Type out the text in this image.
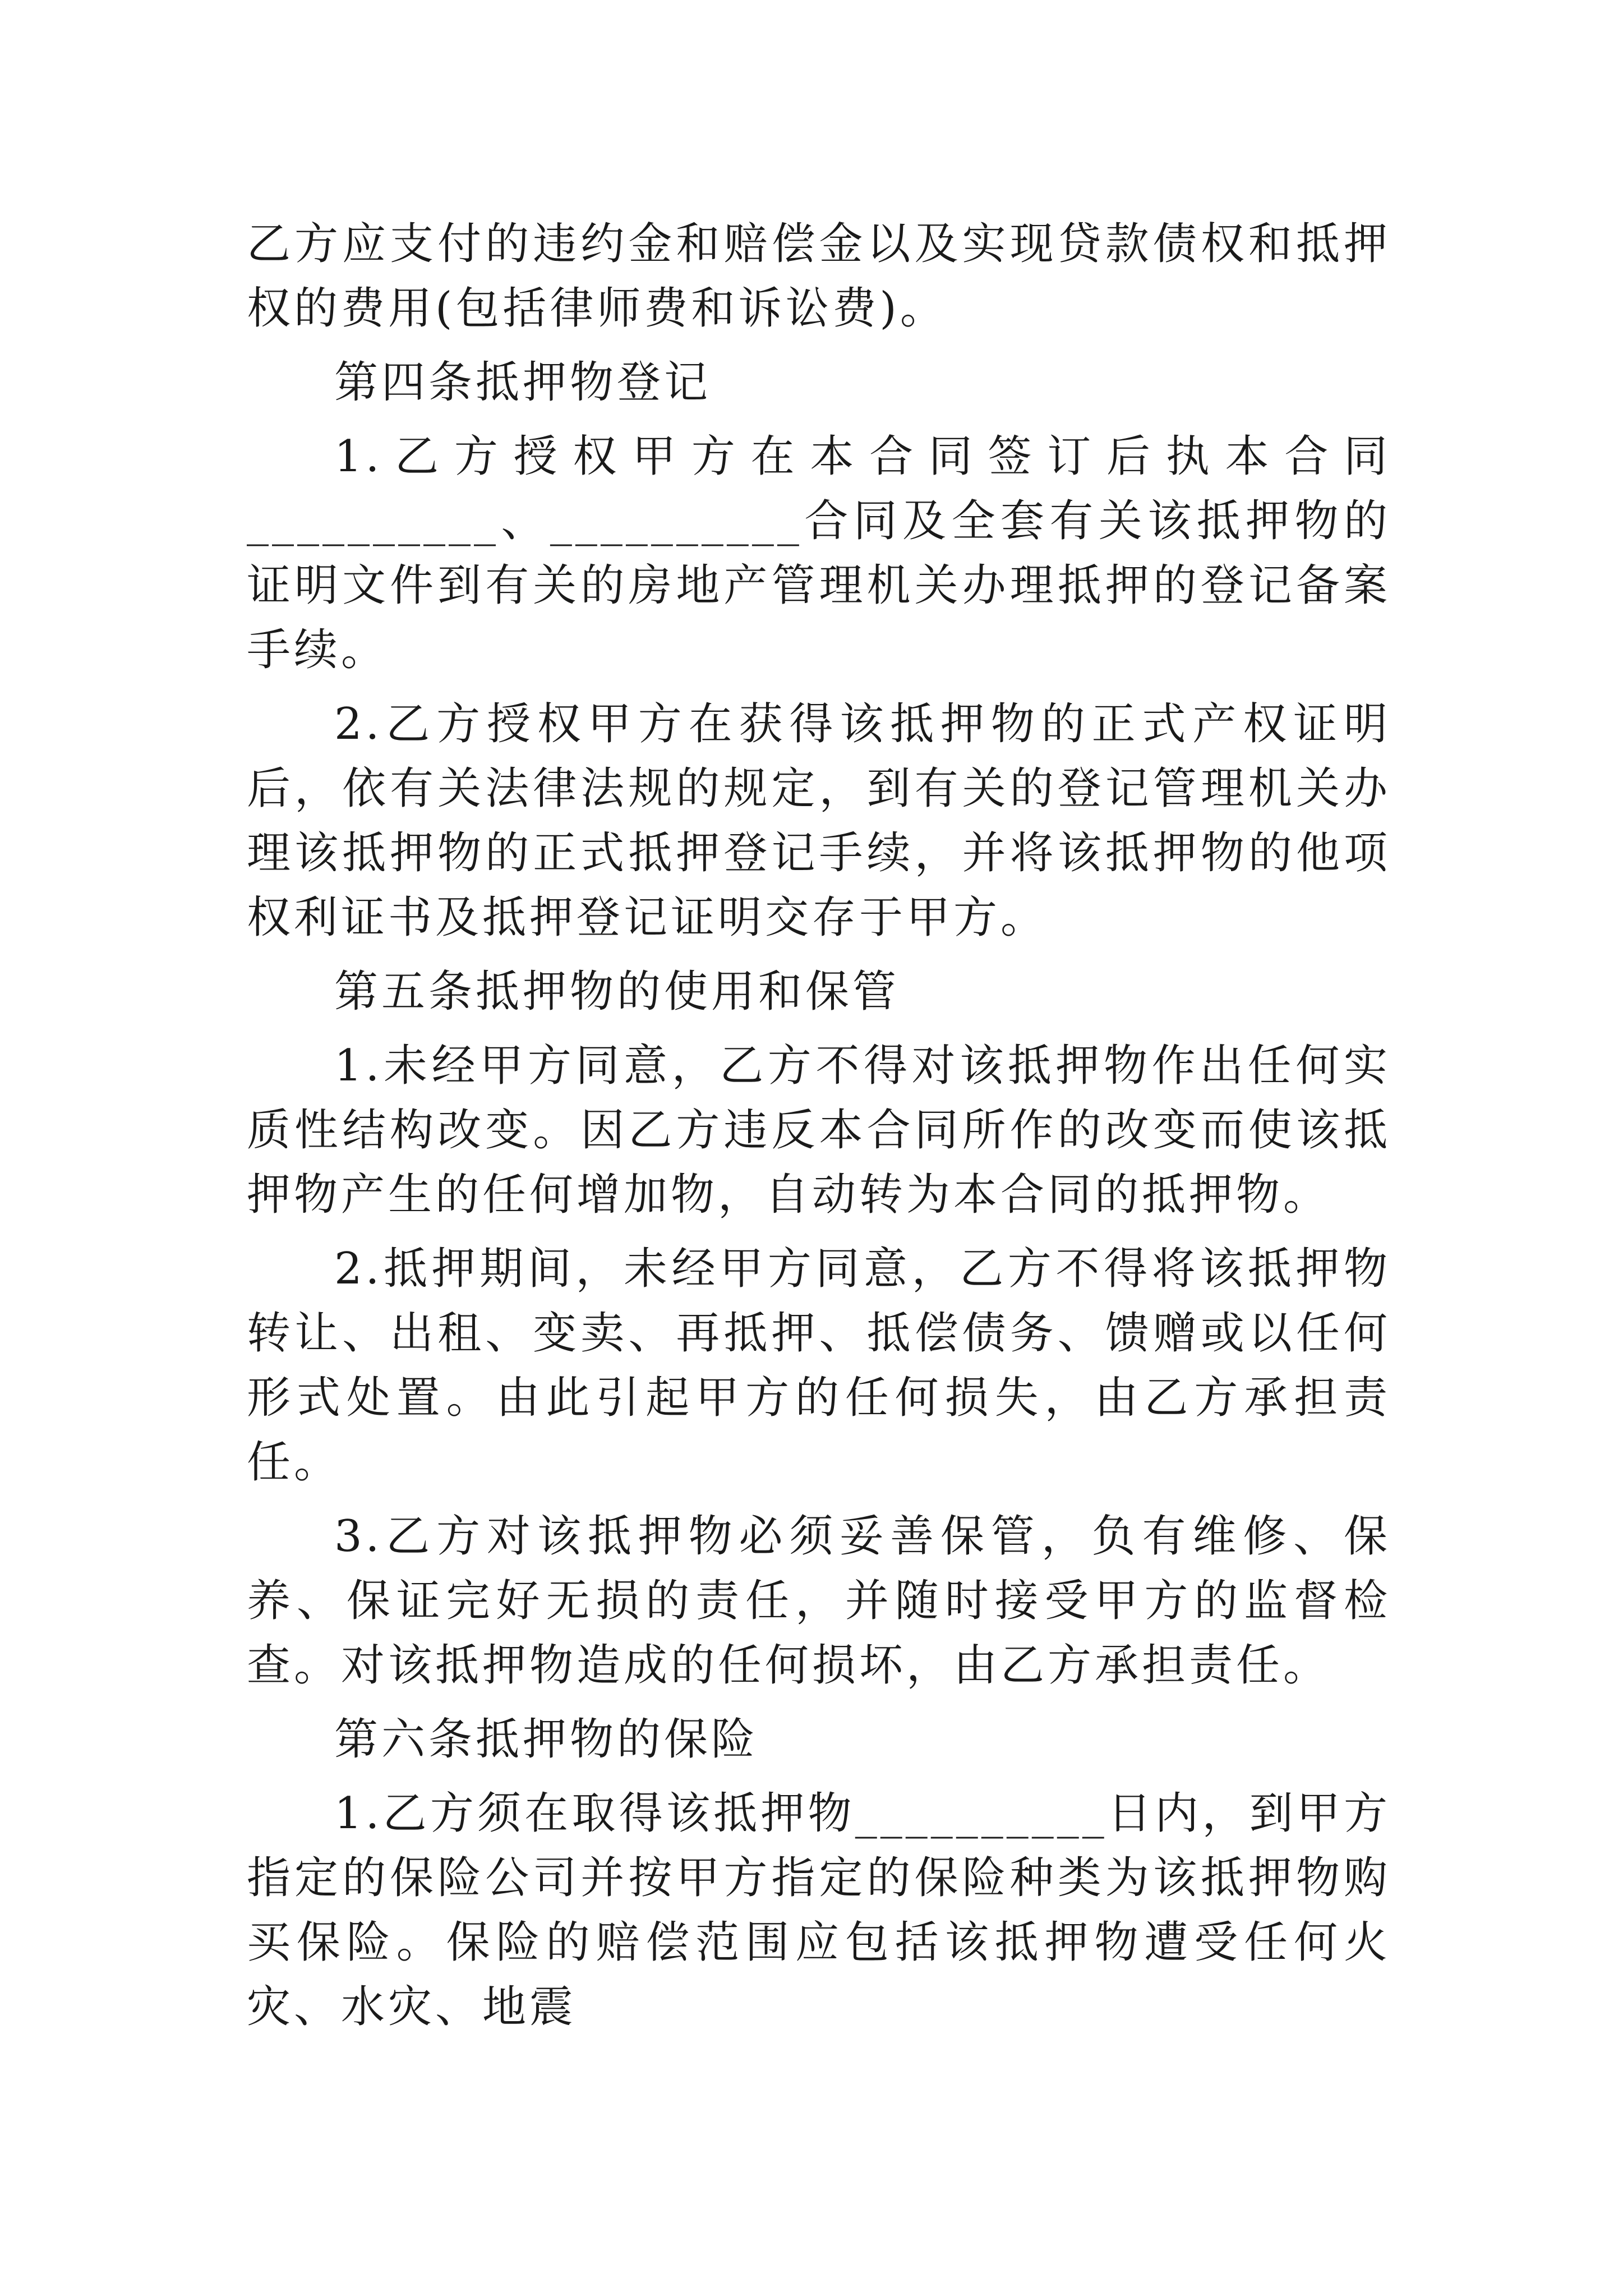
乙方应支付的违约金和赔偿金以及实现贷款债权和抵押权的费用(包括律师费和诉讼费)。

第四条抵押物登记

1.乙方授权甲方在本合同签订后执本合同__________、__________合同及全套有关该抵押物的证明文件到有关的房地产管理机关办理抵押的登记备案手续。

2.乙方授权甲方在获得该抵押物的正式产权证明后，依有关法律法规的规定，到有关的登记管理机关办理该抵押物的正式抵押登记手续，并将该抵押物的他项权利证书及抵押登记证明交存于甲方。

第五条抵押物的使用和保管

1.未经甲方同意，乙方不得对该抵押物作出任何实质性结构改变。因乙方违反本合同所作的改变而使该抵押物产生的任何增加物，自动转为本合同的抵押物。

2.抵押期间，未经甲方同意，乙方不得将该抵押物转让、出租、变卖、再抵押、抵偿债务、馈赠或以任何形式处置。由此引起甲方的任何损失，由乙方承担责任。

3.乙方对该抵押物必须妥善保管，负有维修、保养、保证完好无损的责任，并随时接受甲方的监督检查。对该抵押物造成的任何损坏，由乙方承担责任。

第六条抵押物的保险

1.乙方须在取得该抵押物__________日内，到甲方指定的保险公司并按甲方指定的保险种类为该抵押物购买保险。保险的赔偿范围应包括该抵押物遭受任何火灾、水灾、地震
